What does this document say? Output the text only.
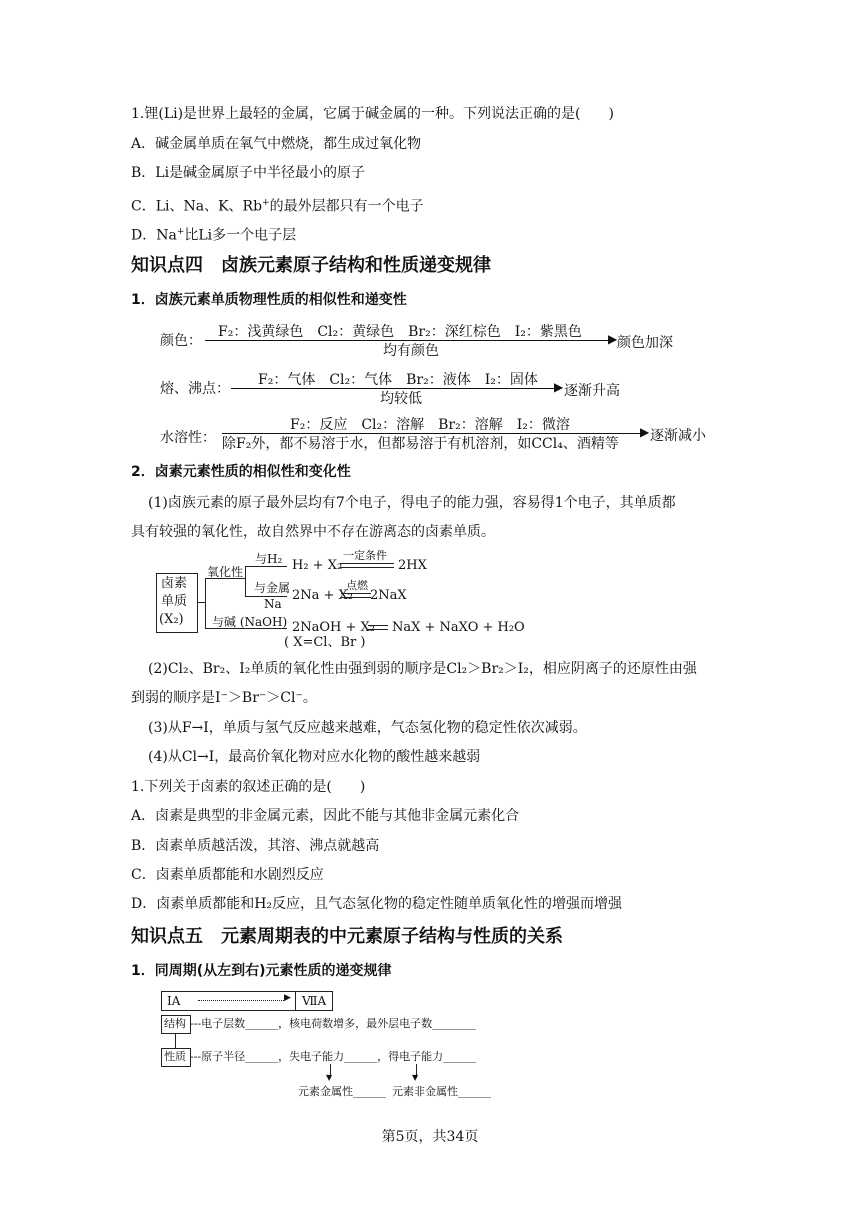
1.锂(Li)是世界上最轻的金属，它属于碱金属的一种。下列说法正确的是(　　)
A．碱金属单质在氧气中燃烧，都生成过氧化物
B．Li是碱金属原子中半径最小的原子
C．Li、Na、K、Rb+的最外层都只有一个电子
D．Na+比Li多一个电子层
知识点四　卤族元素原子结构和性质递变规律
1．卤族元素单质物理性质的相似性和递变性
颜色：
F₂：浅黄绿色　Cl₂：黄绿色　Br₂：深红棕色　I₂：紫黑色 ▶
均有颜色	颜色加深
熔、沸点：
F₂：气体　Cl₂：气体　Br₂：液体　I₂：固体 ▶
均较低	逐渐升高
水溶性：
F₂：反应　Cl₂：溶解　Br₂：溶解　I₂：微溶	▶
除F₂外，都不易溶于水，但都易溶于有机溶剂，如CCl₄、酒精等 逐渐减小
2．卤素元素性质的相似性和变化性
(1)卤族元素的原子最外层均有7个电子，得电子的能力强，容易得1个电子，其单质都
具有较强的氧化性，故自然界中不存在游离态的卤素单质。
卤素
单质
(X₂)
氧化性
与H₂ H₂ + X₂
一定条件
2HX
与金属
Na
2Na + X₂
点燃
2NaX
与碱 (NaOH) 2NaOH + X₂ NaX + NaXO + H₂O
( X=Cl、Br )
(2)Cl₂、Br₂、I₂单质的氧化性由强到弱的顺序是Cl₂＞Br₂＞I₂，相应阴离子的还原性由强
到弱的顺序是I⁻＞Br⁻＞Cl⁻。
(3)从F→I，单质与氢气反应越来越难，气态氢化物的稳定性依次减弱。
(4)从Cl→I，最高价氧化物对应水化物的酸性越来越弱
1.下列关于卤素的叙述正确的是(　　)
A．卤素是典型的非金属元素，因此不能与其他非金属元素化合
B．卤素单质越活泼，其溶、沸点就越高
C．卤素单质都能和水剧烈反应
D．卤素单质都能和H₂反应，且气态氢化物的稳定性随单质氧化性的增强而增强
知识点五　元素周期表的中元素原子结构与性质的关系
1．同周期(从左到右)元素性质的递变规律
ⅠA	▶ ⅦA
结构 ---电子层数______，核电荷数增多，最外层电子数________
性质 ---原子半径______，失电子能力______，得电子能力______
▼	▼
元素金属性______ 元素非金属性______
第5页，共34页
